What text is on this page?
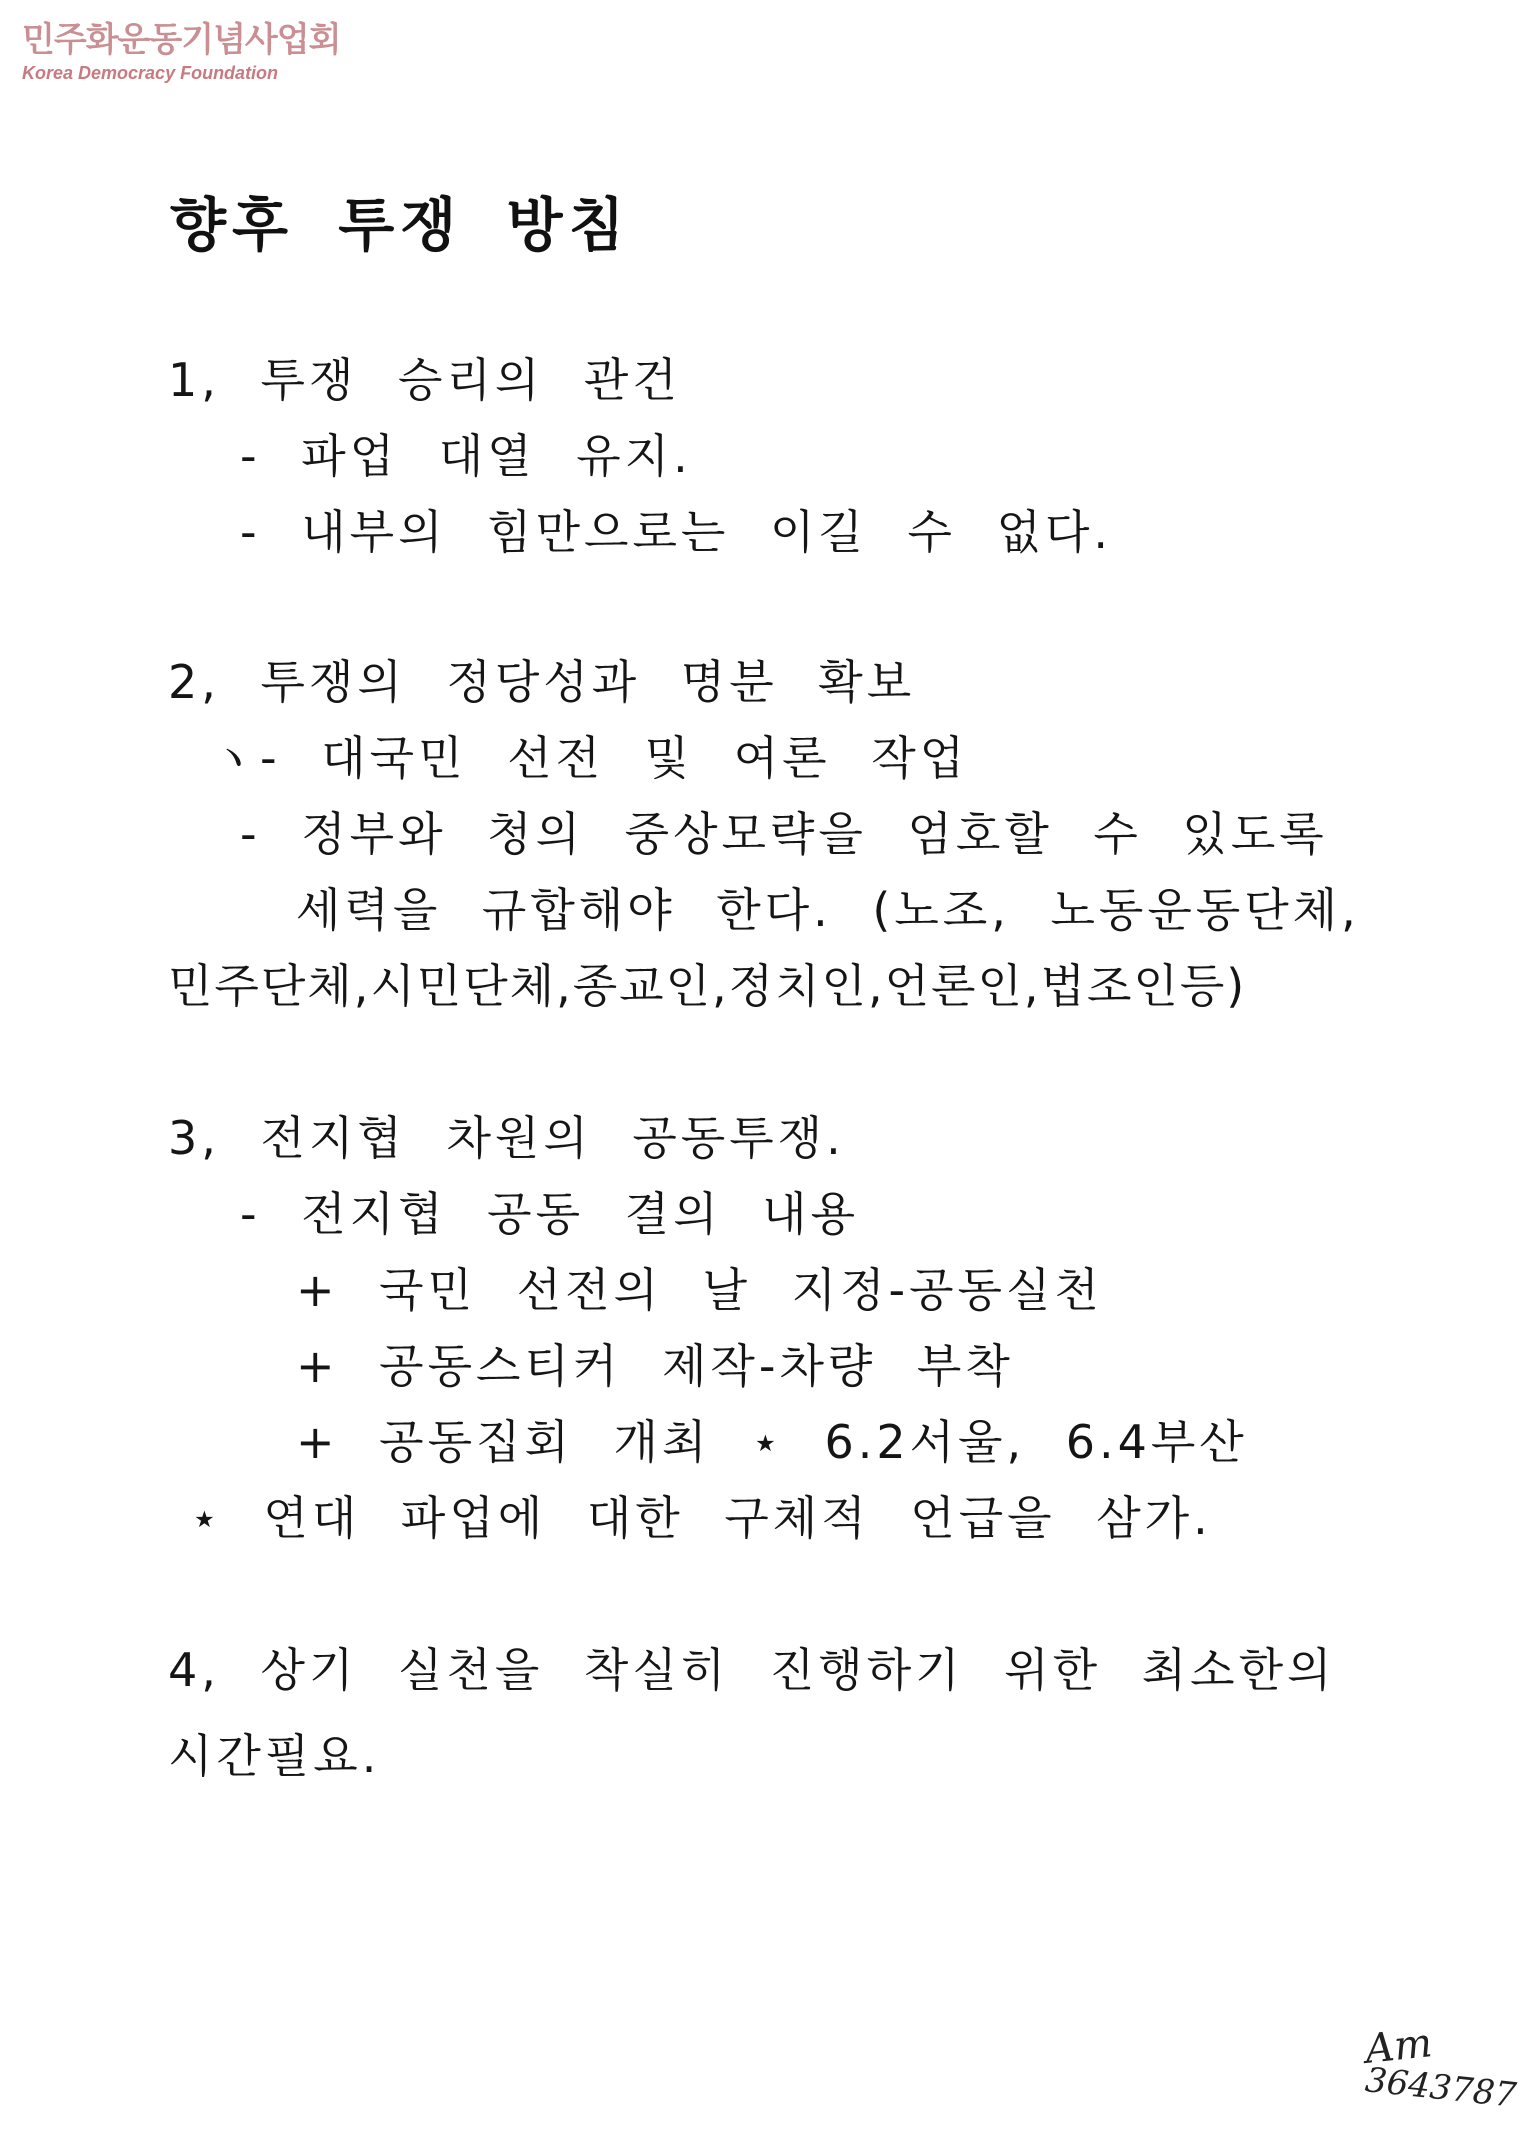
민주화운동기념사업회
Korea Democracy Foundation
향후 투쟁 방침
1, 투쟁 승리의 관건
- 파업 대열 유지.
- 내부의 힘만으로는 이길 수 없다.
2, 투쟁의 정당성과 명분 확보
ヽ- 대국민 선전 및 여론 작업
- 정부와 청의 중상모략을 엄호할 수 있도록
세력을 규합해야 한다. (노조, 노동운동단체,
민주단체,시민단체,종교인,정치인,언론인,법조인등)
3, 전지협 차원의 공동투쟁.
- 전지협 공동 결의 내용
+ 국민 선전의 날 지정-공동실천
+ 공동스티커 제작-차량 부착
+ 공동집회 개최 ⋆ 6.2서울, 6.4부산
⋆ 연대 파업에 대한 구체적 언급을 삼가.
4, 상기 실천을 착실히 진행하기 위한 최소한의
시간필요.
Am
3643787
